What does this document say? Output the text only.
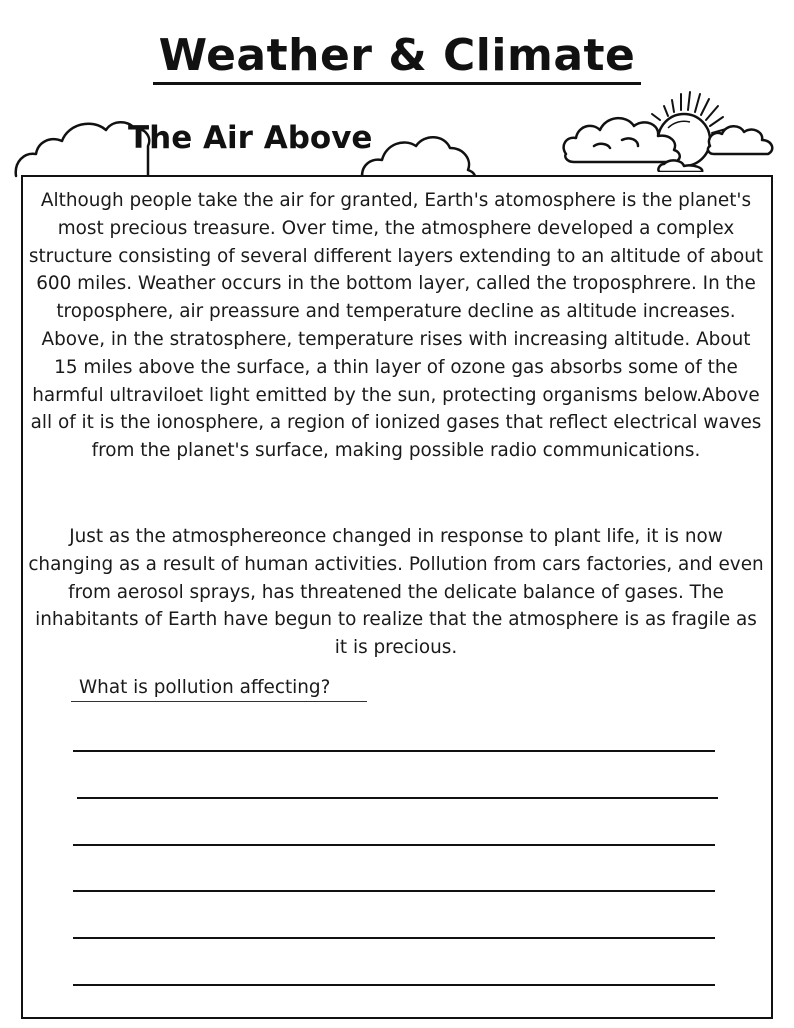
Weather & Climate
The Air Above

Although people take the air for granted, Earth's atomosphere is the planet's most precious treasure. Over time, the atmosphere developed a complex structure consisting of several different layers extending to an altitude of about 600 miles. Weather occurs in the bottom layer, called the troposphrere. In the troposphere, air preassure and temperature decline as altitude increases. Above, in the stratosphere, temperature rises with increasing altitude. About 15 miles above the surface, a thin layer of ozone gas absorbs some of the harmful ultraviloet light emitted by the sun, protecting organisms below.Above all of it is the ionosphere, a region of ionized gases that reflect electrical waves from the planet's surface, making possible radio communications.

Just as the atmosphereonce changed in response to plant life, it is now changing as a result of human activities. Pollution from cars factories, and even from aerosol sprays, has threatened the delicate balance of gases. The inhabitants of Earth have begun to realize that the atmosphere is as fragile as it is precious.

What is pollution affecting?
